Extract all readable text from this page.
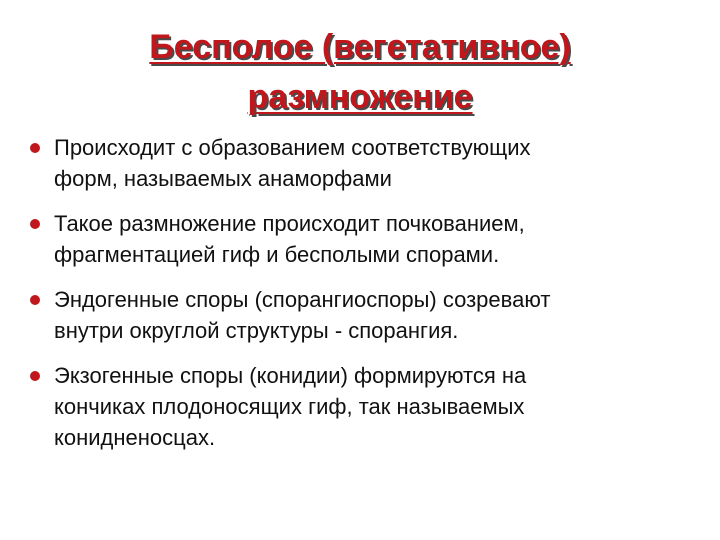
Бесполое (вегетативное)
размножение
Происходит с образованием соответствующих
форм, называемых анаморфами
Такое размножение происходит почкованием,
фрагментацией гиф и бесполыми спорами.
Эндогенные споры (спорангиоспоры) созревают
внутри округлой структуры - спорангия.
Экзогенные споры (конидии) формируются на
кончиках плодоносящих гиф, так называемых
конидненосцах.
